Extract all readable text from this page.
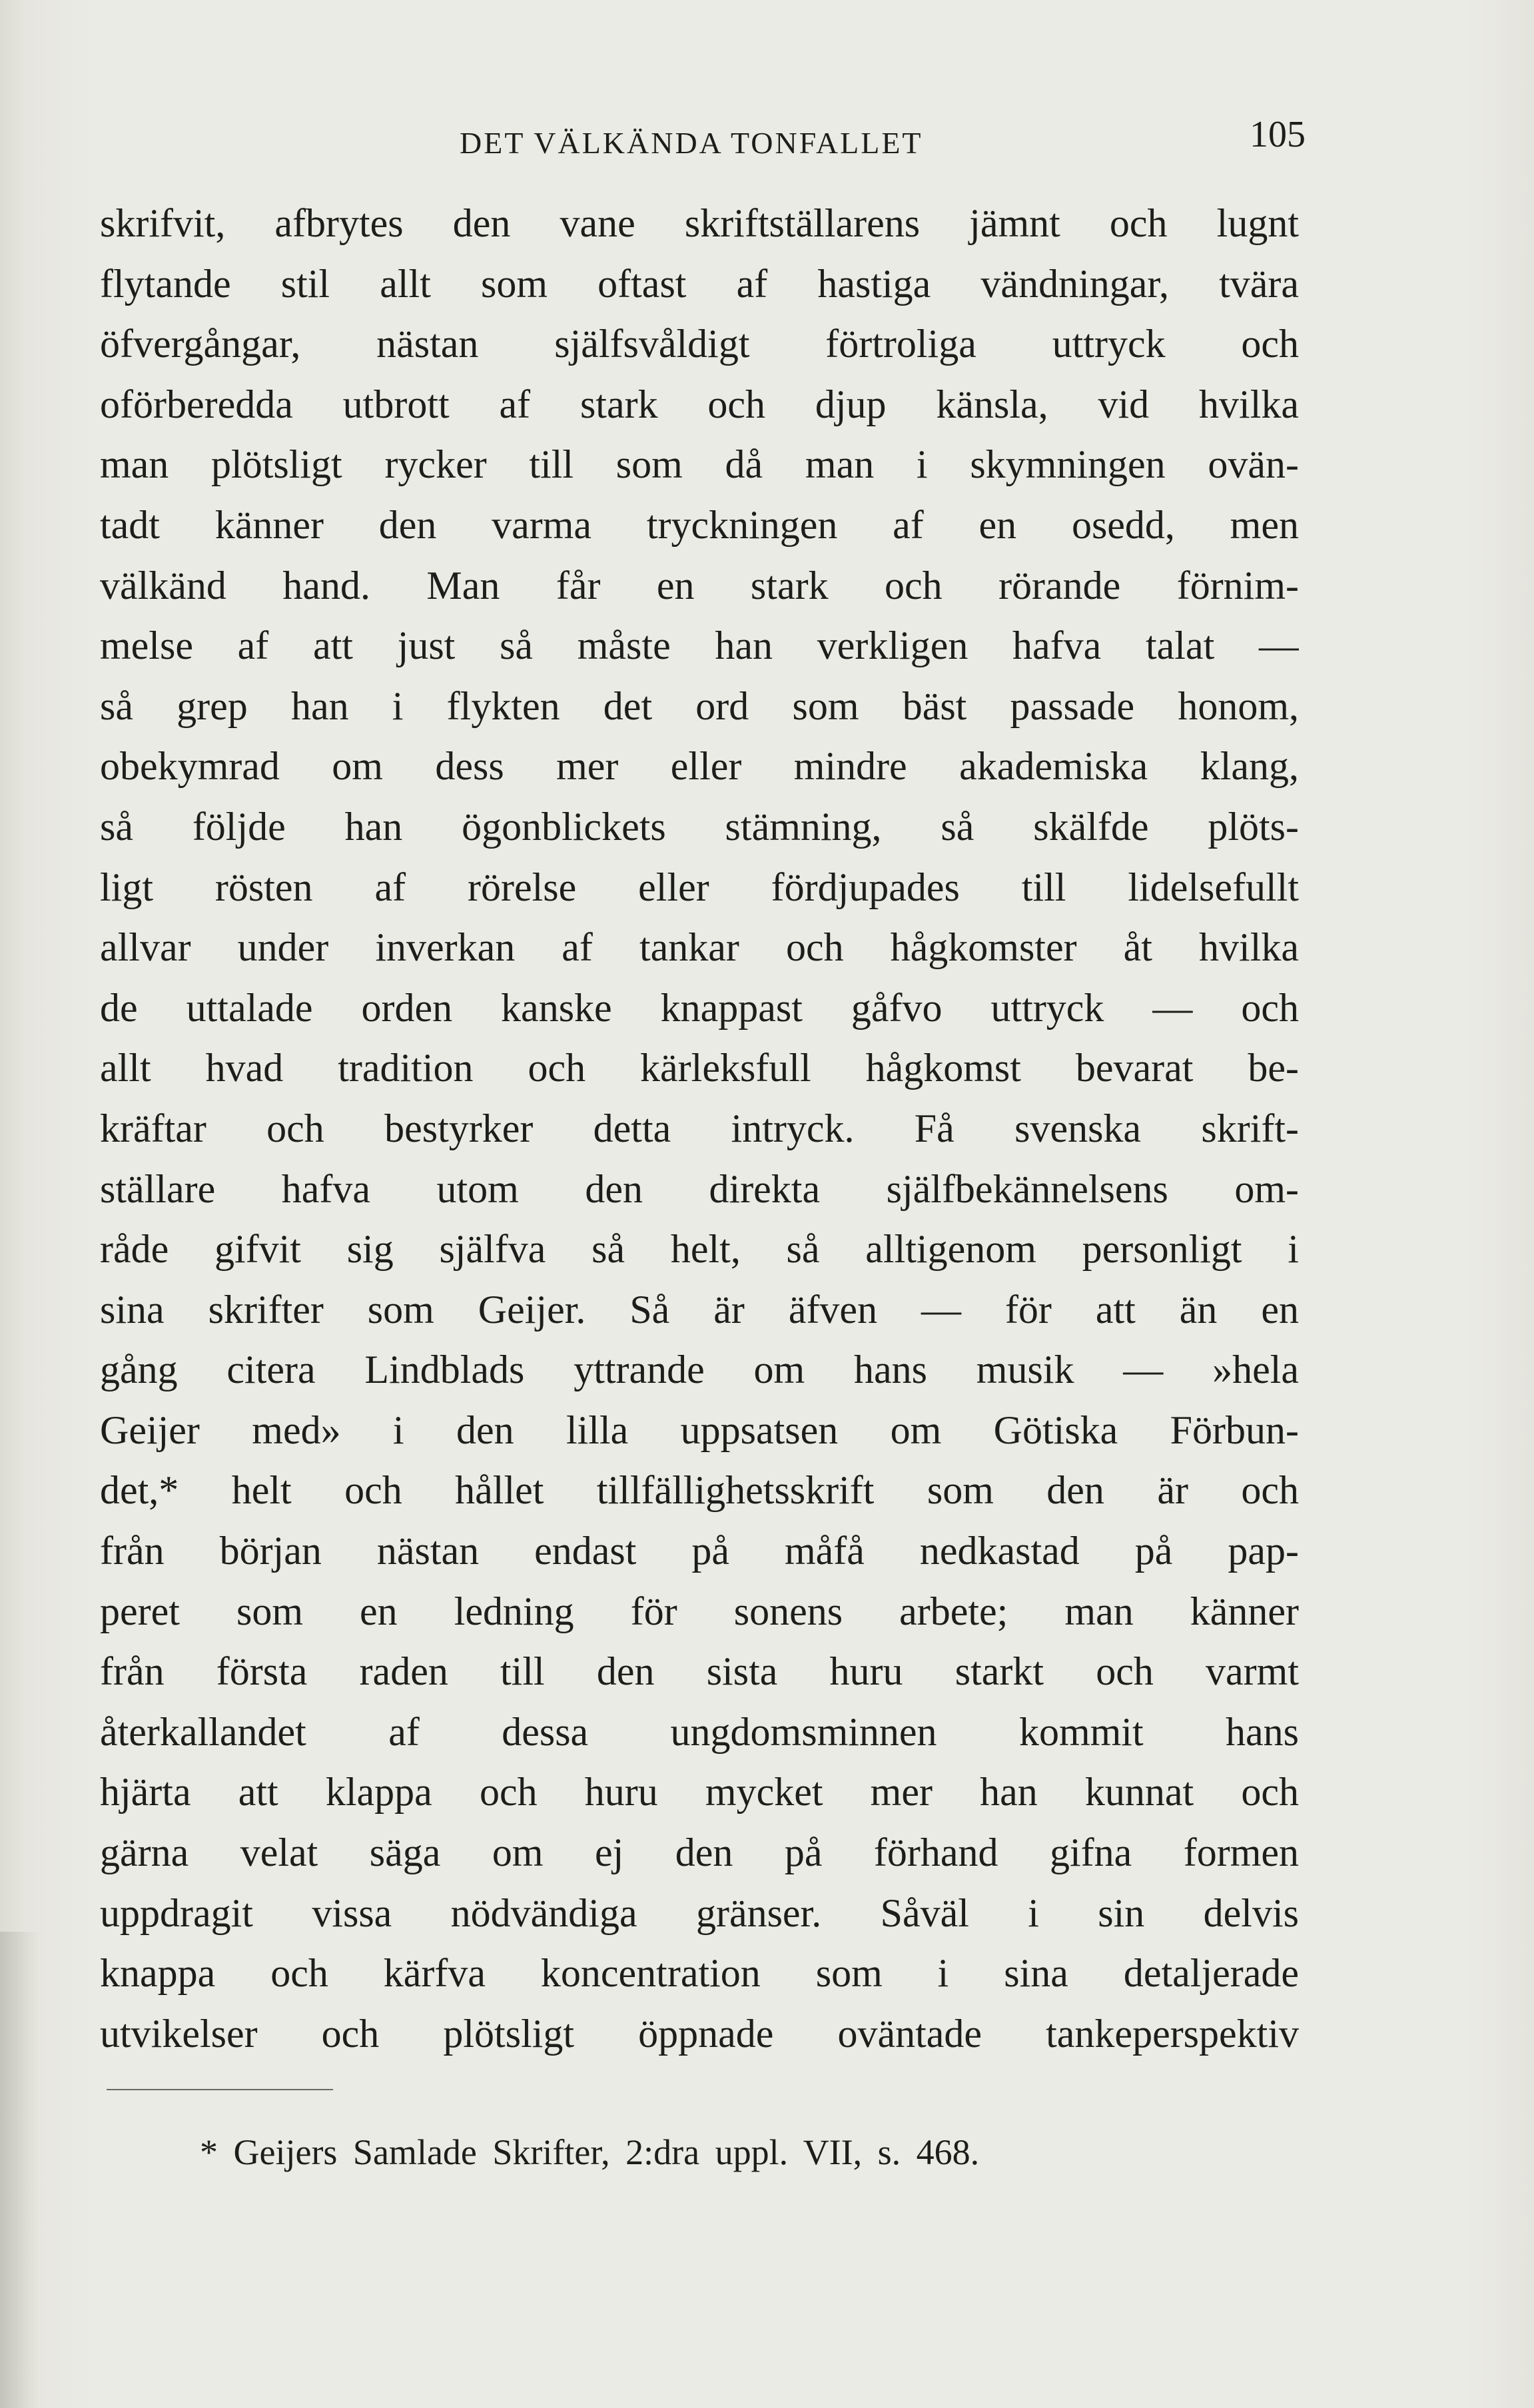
DET VÄLKÄNDA TONFALLET	105
skrifvit, afbrytes den vane skriftställarens jämnt och lugnt
flytande stil allt som oftast af hastiga vändningar, tvära
öfvergångar, nästan själfsvåldigt förtroliga uttryck och
oförberedda utbrott af stark och djup känsla, vid hvilka
man plötsligt rycker till som då man i skymningen ovän-
tadt känner den varma tryckningen af en osedd, men
välkänd hand. Man får en stark och rörande förnim-
melse af att just så måste han verkligen hafva talat —
så grep han i flykten det ord som bäst passade honom,
obekymrad om dess mer eller mindre akademiska klang,
så följde han ögonblickets stämning, så skälfde plöts-
ligt rösten af rörelse eller fördjupades till lidelsefullt
allvar under inverkan af tankar och hågkomster åt hvilka
de uttalade orden kanske knappast gåfvo uttryck — och
allt hvad tradition och kärleksfull hågkomst bevarat be-
kräftar och bestyrker detta intryck. Få svenska skrift-
ställare hafva utom den direkta själfbekännelsens om-
råde gifvit sig själfva så helt, så alltigenom personligt i
sina skrifter som Geijer. Så är äfven — för att än en
gång citera Lindblads yttrande om hans musik — »hela
Geijer med» i den lilla uppsatsen om Götiska Förbun-
det,* helt och hållet tillfällighetsskrift som den är och
från början nästan endast på måfå nedkastad på pap-
peret som en ledning för sonens arbete; man känner
från första raden till den sista huru starkt och varmt
återkallandet af dessa ungdomsminnen kommit hans
hjärta att klappa och huru mycket mer han kunnat och
gärna velat säga om ej den på förhand gifna formen
uppdragit vissa nödvändiga gränser. Såväl i sin delvis
knappa och kärfva koncentration som i sina detaljerade
utvikelser och plötsligt öppnade oväntade tankeperspektiv
* Geijers Samlade Skrifter, 2:dra uppl. VII, s. 468.
